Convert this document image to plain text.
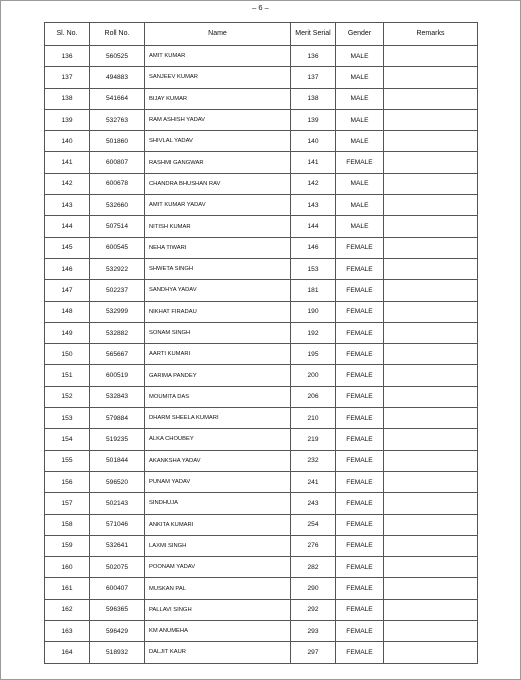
– 6 –
Sl. No.	Roll No.	Name	Merit Serial	Gender	Remarks
136	560525	AMIT KUMAR	136	MALE	
137	494883	SANJEEV KUMAR	137	MALE	
138	541664	BIJAY KUMAR	138	MALE	
139	532763	RAM ASHISH YADAV	139	MALE	
140	501860	SHIVLAL YADAV	140	MALE	
141	600807	RASHMI GANGWAR	141	FEMALE	
142	600678	CHANDRA BHUSHAN RAV	142	MALE	
143	532660	AMIT KUMAR YADAV	143	MALE	
144	507514	NITISH KUMAR	144	MALE	
145	600545	NEHA TIWARI	146	FEMALE	
146	532922	SHWETA SINGH	153	FEMALE	
147	502237	SANDHYA YADAV	181	FEMALE	
148	532999	NIKHAT FIRADAU	190	FEMALE	
149	532882	SONAM SINGH	192	FEMALE	
150	565667	AARTI KUMARI	195	FEMALE	
151	600519	GARIMA PANDEY	200	FEMALE	
152	532843	MOUMITA DAS	206	FEMALE	
153	579884	DHARM SHEELA KUMARI	210	FEMALE	
154	519235	ALKA CHOUBEY	219	FEMALE	
155	501844	AKANKSHA YADAV	232	FEMALE	
156	596520	PUNAM YADAV	241	FEMALE	
157	502143	SINDHUJA	243	FEMALE	
158	571046	ANKITA KUMARI	254	FEMALE	
159	532641	LAXMI SINGH	276	FEMALE	
160	502075	POONAM YADAV	282	FEMALE	
161	600407	MUSKAN PAL	290	FEMALE	
162	596365	PALLAVI SINGH	292	FEMALE	
163	596429	KM ANUMEHA	293	FEMALE	
164	518932	DALJIT KAUR	297	FEMALE	
